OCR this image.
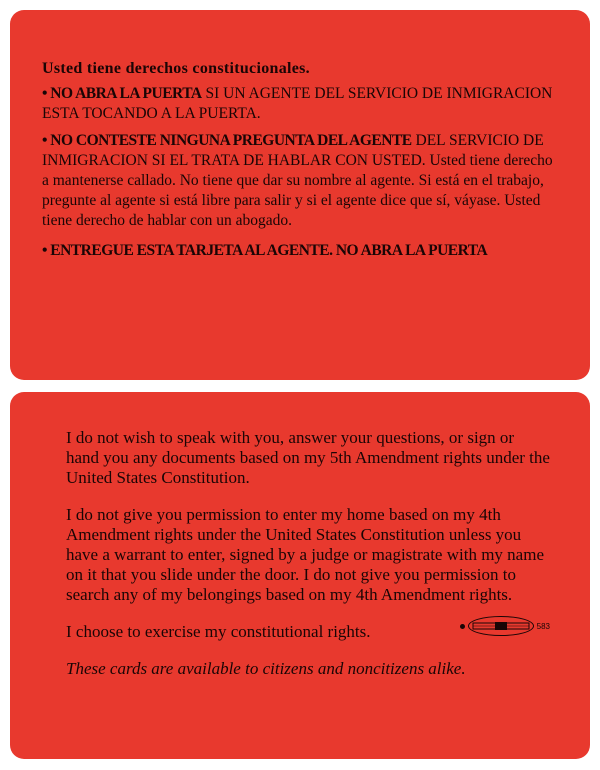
Usted tiene derechos constitucionales.

• NO ABRA LA PUERTA SI UN AGENTE DEL SERVICIO DE INMIGRACION ESTA TOCANDO A LA PUERTA.

• NO CONTESTE NINGUNA PREGUNTA DEL AGENTE DEL SERVICIO DE INMIGRACION SI EL TRATA DE HABLAR CON USTED. Usted tiene derecho a mantenerse callado. No tiene que dar su nombre al agente. Si está en el trabajo, pregunte al agente si está libre para salir y si el agente dice que sí, váyase. Usted tiene derecho de hablar con un abogado.

• ENTREGUE ESTA TARJETA AL AGENTE. NO ABRA LA PUERTA

I do not wish to speak with you, answer your questions, or sign or hand you any documents based on my 5th Amendment rights under the United States Constitution.

I do not give you permission to enter my home based on my 4th Amendment rights under the United States Constitution unless you have a warrant to enter, signed by a judge or magistrate with my name on it that you slide under the door. I do not give you permission to search any of my belongings based on my 4th Amendment rights.

I choose to exercise my constitutional rights.	583

These cards are available to citizens and noncitizens alike.
